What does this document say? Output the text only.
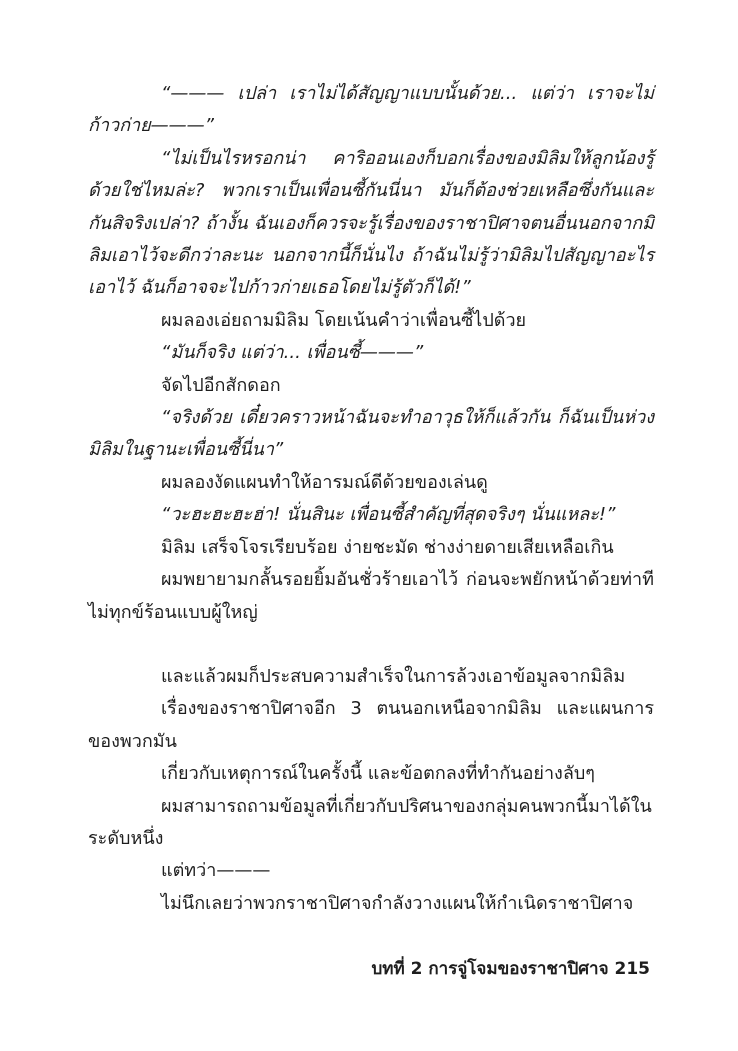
“——— เปล่า เราไม่ได้สัญญาแบบนั้นด้วย... แต่ว่า เราจะไม่ก้าวก่าย———”

“ไม่เป็นไรหรอกน่า คาริออนเองก็บอกเรื่องของมิลิมให้ลูกน้องรู้ด้วยใช่ไหมล่ะ? พวกเราเป็นเพื่อนซี้กันนี่นา มันก็ต้องช่วยเหลือซึ่งกันและกันสิจริงเปล่า? ถ้างั้น ฉันเองก็ควรจะรู้เรื่องของราชาปิศาจตนอื่นนอกจากมิลิมเอาไว้จะดีกว่าละนะ นอกจากนี้ก็นั่นไง ถ้าฉันไม่รู้ว่ามิลิมไปสัญญาอะไรเอาไว้ ฉันก็อาจจะไปก้าวก่ายเธอโดยไม่รู้ตัวก็ได้!”

ผมลองเอ่ยถามมิลิม โดยเน้นคำว่าเพื่อนซี้ไปด้วย

“มันก็จริง แต่ว่า... เพื่อนซี้———”

จัดไปอีกสักดอก

“จริงด้วย เดี๋ยวคราวหน้าฉันจะทำอาวุธให้ก็แล้วกัน ก็ฉันเป็นห่วงมิลิมในฐานะเพื่อนซี้นี่นา”

ผมลองงัดแผนทำให้อารมณ์ดีด้วยของเล่นดู

“วะฮะฮะฮะฮ่า! นั่นสินะ เพื่อนซี้สำคัญที่สุดจริงๆ นั่นแหละ!”

มิลิม เสร็จโจรเรียบร้อย ง่ายชะมัด ช่างง่ายดายเสียเหลือเกิน

ผมพยายามกลั้นรอยยิ้มอันชั่วร้ายเอาไว้ ก่อนจะพยักหน้าด้วยท่าทีไม่ทุกข์ร้อนแบบผู้ใหญ่

และแล้วผมก็ประสบความสำเร็จในการล้วงเอาข้อมูลจากมิลิม

เรื่องของราชาปิศาจอีก 3 ตนนอกเหนือจากมิลิม และแผนการของพวกมัน

เกี่ยวกับเหตุการณ์ในครั้งนี้ และข้อตกลงที่ทำกันอย่างลับๆ

ผมสามารถถามข้อมูลที่เกี่ยวกับปริศนาของกลุ่มคนพวกนี้มาได้ในระดับหนึ่ง

แต่ทว่า———

ไม่นึกเลยว่าพวกราชาปิศาจกำลังวางแผนให้กำเนิดราชาปิศาจ

บทที่ 2 การจู่โจมของราชาปิศาจ 215
